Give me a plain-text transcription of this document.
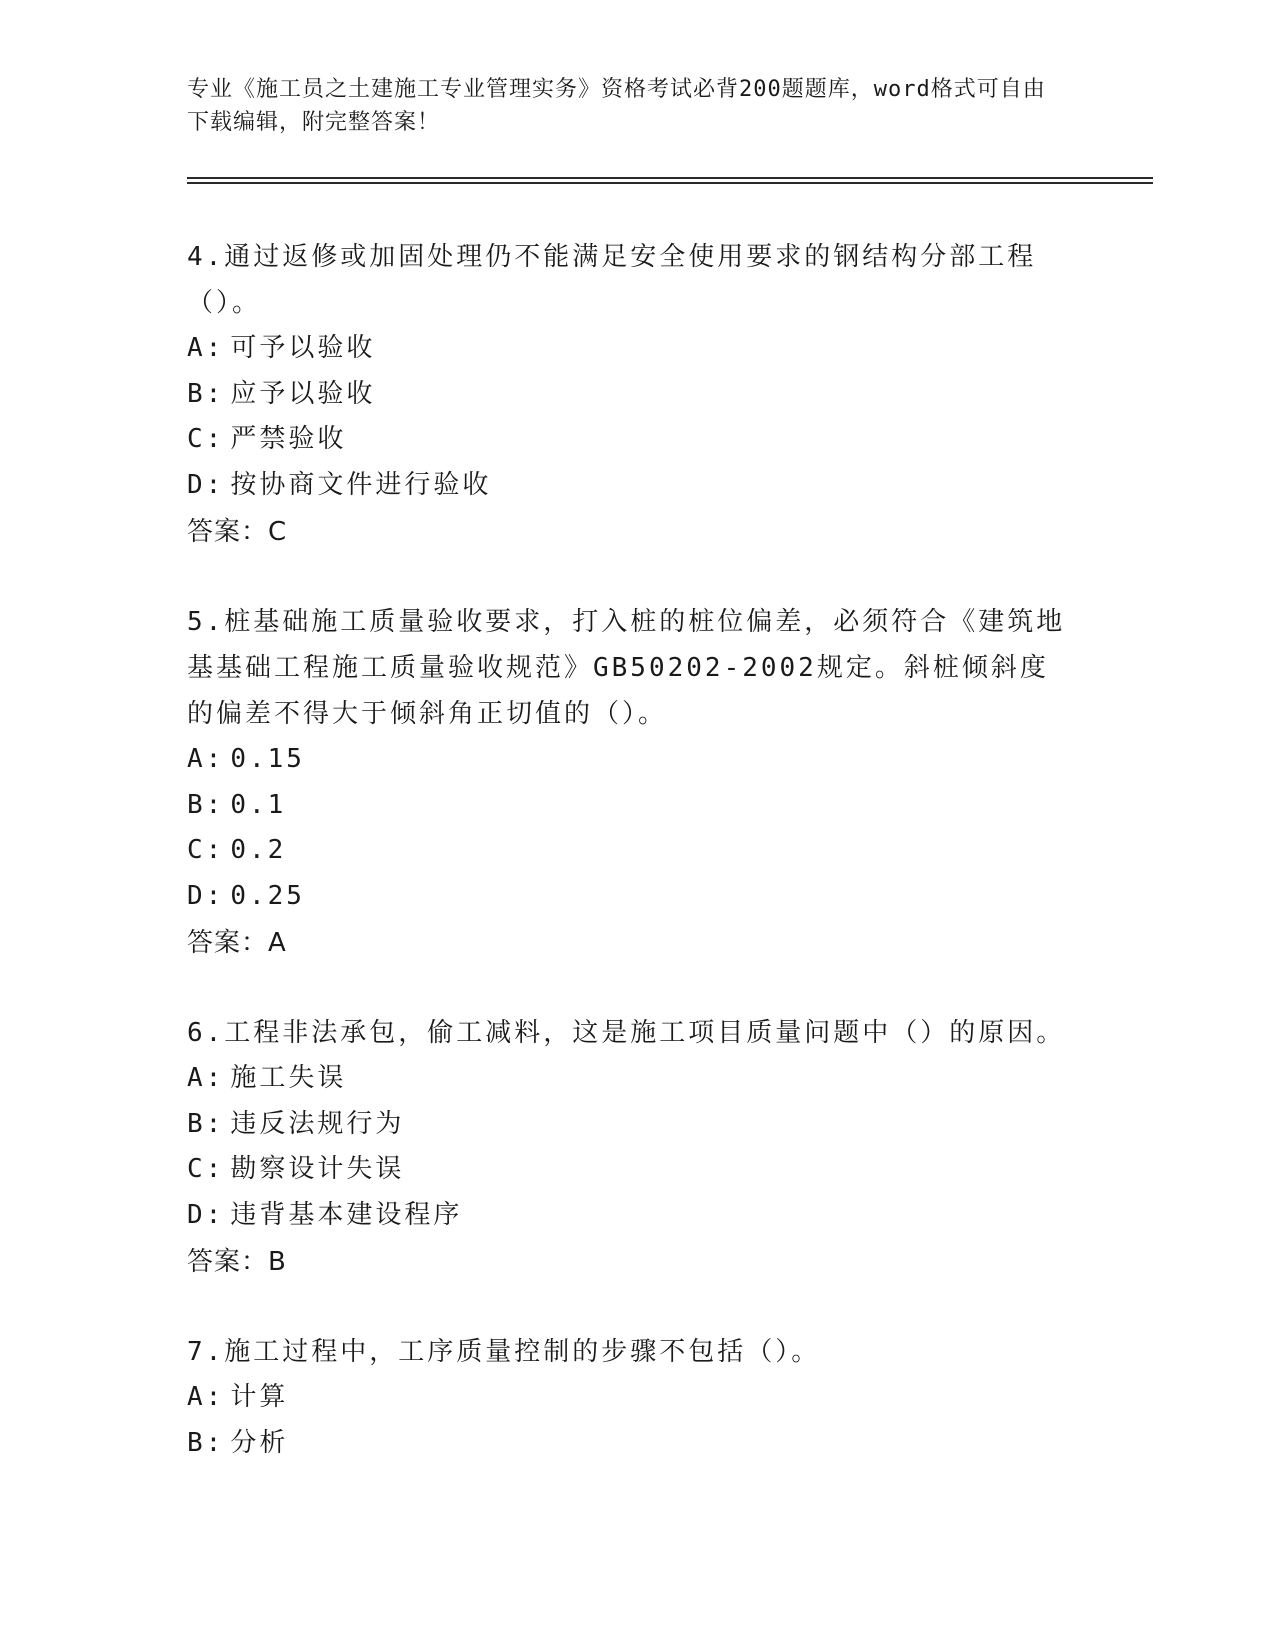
专业《施工员之土建施工专业管理实务》资格考试必背200题题库，word格式可自由下载编辑，附完整答案！
4.通过返修或加固处理仍不能满足安全使用要求的钢结构分部工程（）。
A: 可予以验收
B: 应予以验收
C: 严禁验收
D: 按协商文件进行验收
答案：C
5.桩基础施工质量验收要求，打入桩的桩位偏差，必须符合《建筑地基基础工程施工质量验收规范》GB50202-2002规定。斜桩倾斜度的偏差不得大于倾斜角正切值的（）。
A: 0.15
B: 0.1
C: 0.2
D: 0.25
答案：A
6.工程非法承包，偷工减料，这是施工项目质量问题中（）的原因。
A: 施工失误
B: 违反法规行为
C: 勘察设计失误
D: 违背基本建设程序
答案：B
7.施工过程中，工序质量控制的步骤不包括（）。
A: 计算
B: 分析
